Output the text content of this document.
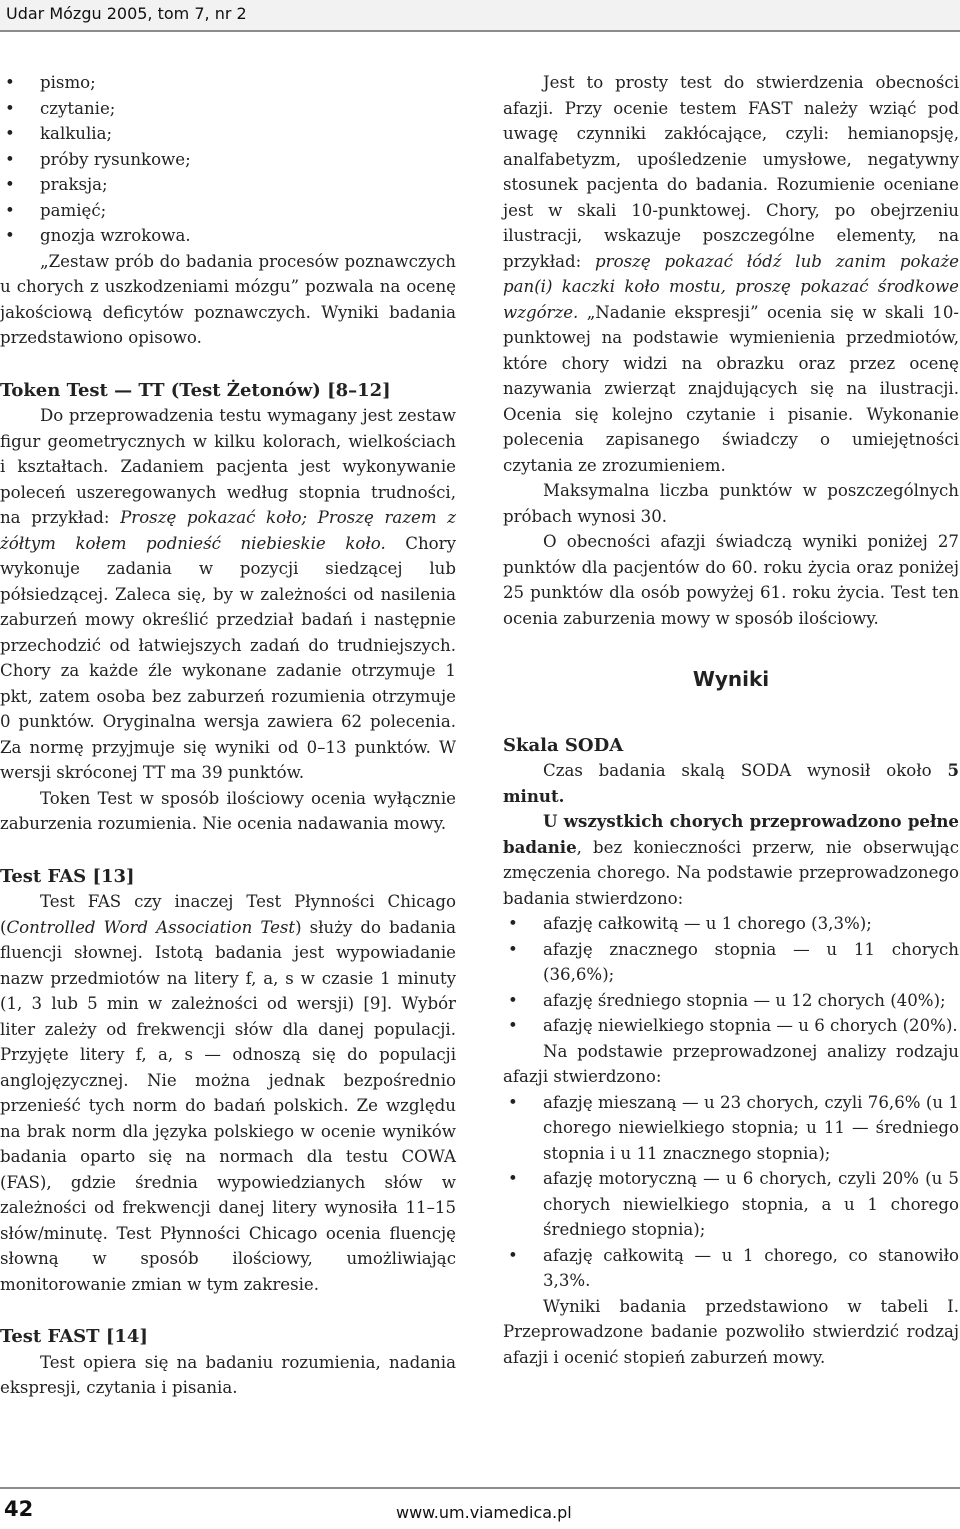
Udar Mózgu 2005, tom 7, nr 2
• pismo;
• czytanie;
• kalkulia;
• próby rysunkowe;
• praksja;
• pamięć;
• gnozja wzrokowa.

„Zestaw prób do badania procesów poznawczych u chorych z uszkodzeniami mózgu” pozwala na ocenę jakościową deficytów poznawczych. Wyniki badania przedstawiono opisowo.

Token Test — TT (Test Żetonów) [8–12]

Do przeprowadzenia testu wymagany jest zestaw figur geometrycznych w kilku kolorach, wielkościach i kształtach. Zadaniem pacjenta jest wykonywanie poleceń uszeregowanych według stopnia trudności, na przykład: Proszę pokazać koło; Proszę razem z żółtym kołem podnieść niebieskie koło. Chory wykonuje zadania w pozycji siedzącej lub półsiedzącej. Zaleca się, by w zależności od nasilenia zaburzeń mowy określić przedział badań i następnie przechodzić od łatwiejszych zadań do trudniejszych. Chory za każde źle wykonane zadanie otrzymuje 1 pkt, zatem osoba bez zaburzeń rozumienia otrzymuje 0 punktów. Oryginalna wersja zawiera 62 polecenia. Za normę przyjmuje się wyniki od 0–13 punktów. W wersji skróconej TT ma 39 punktów.

Token Test w sposób ilościowy ocenia wyłącznie zaburzenia rozumienia. Nie ocenia nadawania mowy.

Test FAS [13]

Test FAS czy inaczej Test Płynności Chicago (Controlled Word Association Test) służy do badania fluencji słownej. Istotą badania jest wypowiadanie nazw przedmiotów na litery f, a, s w czasie 1 minuty (1, 3 lub 5 min w zależności od wersji) [9]. Wybór liter zależy od frekwencji słów dla danej populacji. Przyjęte litery f, a, s — odnoszą się do populacji anglojęzycznej. Nie można jednak bezpośrednio przenieść tych norm do badań polskich. Ze względu na brak norm dla języka polskiego w ocenie wyników badania oparto się na normach dla testu COWA (FAS), gdzie średnia wypowiedzianych słów w zależności od frekwencji danej litery wynosiła 11–15 słów/minutę. Test Płynności Chicago ocenia fluencję słowną w sposób ilościowy, umożliwiając monitorowanie zmian w tym zakresie.

Test FAST [14]

Test opiera się na badaniu rozumienia, nadania ekspresji, czytania i pisania.

Jest to prosty test do stwierdzenia obecności afazji. Przy ocenie testem FAST należy wziąć pod uwagę czynniki zakłócające, czyli: hemianopsję, analfabetyzm, upośledzenie umysłowe, negatywny stosunek pacjenta do badania. Rozumienie oceniane jest w skali 10-punktowej. Chory, po obejrzeniu ilustracji, wskazuje poszczególne elementy, na przykład: proszę pokazać łódź lub zanim pokaże pan(i) kaczki koło mostu, proszę pokazać środkowe wzgórze. „Nadanie ekspresji” ocenia się w skali 10-punktowej na podstawie wymienienia przedmiotów, które chory widzi na obrazku oraz przez ocenę nazywania zwierząt znajdujących się na ilustracji. Ocenia się kolejno czytanie i pisanie. Wykonanie polecenia zapisanego świadczy o umiejętności czytania ze zrozumieniem.

Maksymalna liczba punktów w poszczególnych próbach wynosi 30.

O obecności afazji świadczą wyniki poniżej 27 punktów dla pacjentów do 60. roku życia oraz poniżej 25 punktów dla osób powyżej 61. roku życia. Test ten ocenia zaburzenia mowy w sposób ilościowy.

Wyniki

Skala SODA

Czas badania skalą SODA wynosił około 5 minut.

U wszystkich chorych przeprowadzono pełne badanie, bez konieczności przerw, nie obserwując zmęczenia chorego. Na podstawie przeprowadzonego badania stwierdzono:

• afazję całkowitą — u 1 chorego (3,3%);
• afazję znacznego stopnia — u 11 chorych (36,6%);
• afazję średniego stopnia — u 12 chorych (40%);
• afazję niewielkiego stopnia — u 6 chorych (20%).

Na podstawie przeprowadzonej analizy rodzaju afazji stwierdzono:

• afazję mieszaną — u 23 chorych, czyli 76,6% (u 1 chorego niewielkiego stopnia; u 11 — średniego stopnia i u 11 znacznego stopnia);
• afazję motoryczną — u 6 chorych, czyli 20% (u 5 chorych niewielkiego stopnia, a u 1 chorego średniego stopnia);
• afazję całkowitą — u 1 chorego, co stanowiło 3,3%.

Wyniki badania przedstawiono w tabeli I. Przeprowadzone badanie pozwoliło stwierdzić rodzaj afazji i ocenić stopień zaburzeń mowy.

42	www.um.viamedica.pl
